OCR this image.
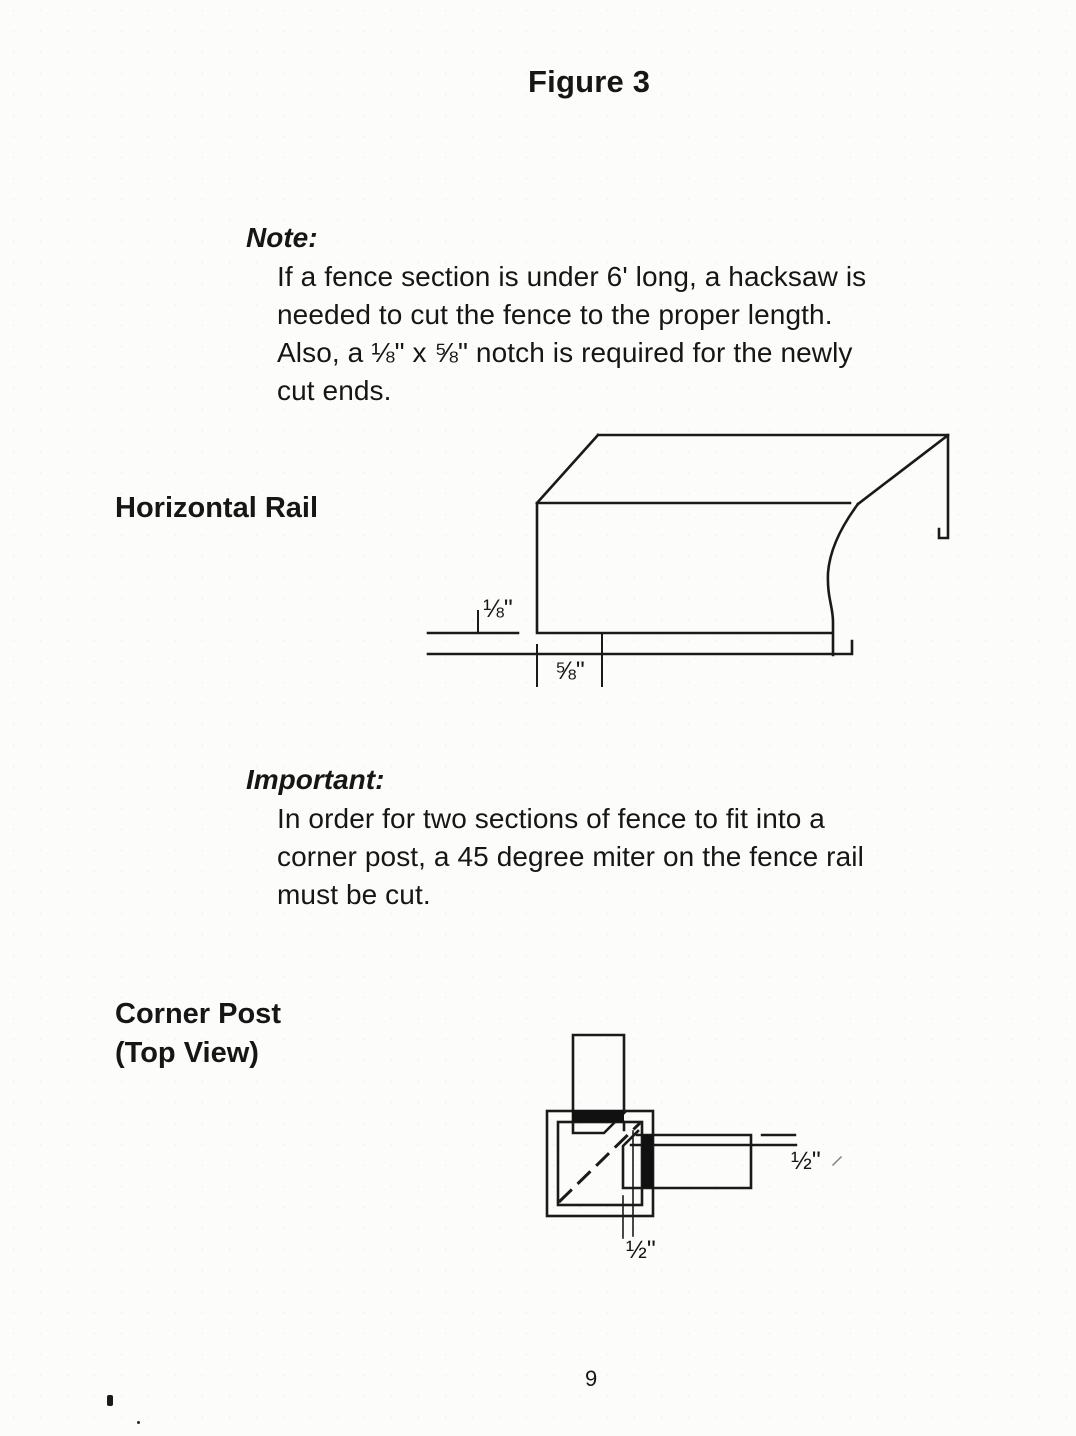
Figure 3
Note:
If a fence section is under 6' long, a hacksaw is
needed to cut the fence to the proper length.
Also, a ⅛" x ⅝" notch is required for the newly
cut ends.
Horizontal Rail
⅛"
⅝"
Important:
In order for two sections of fence to fit into a
corner post, a 45 degree miter on the fence rail
must be cut.
Corner Post
(Top View)
½"
½"
9
